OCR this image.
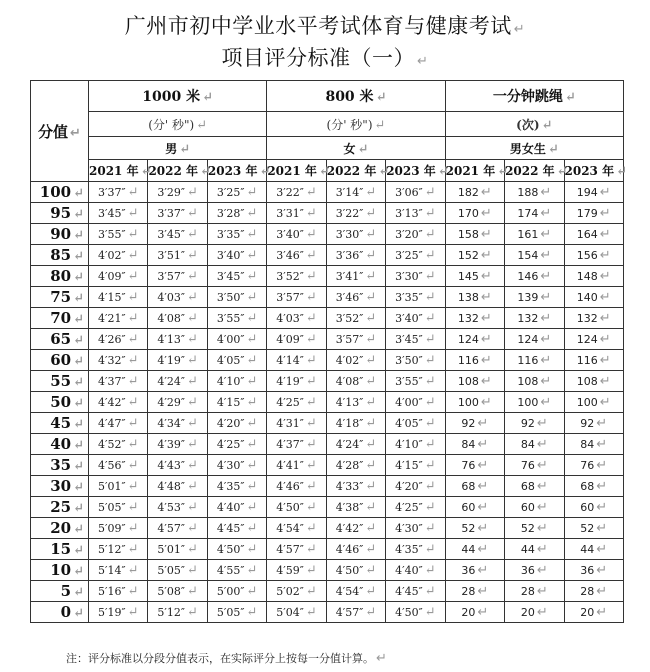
广州市初中学业水平考试体育与健康考试 ↵
项目评分标准（一） ↵
分值 ↵	1000 米 ↵			800 米 ↵			一分钟跳绳 ↵		
	(分' 秒") ↵			(分' 秒") ↵			(次) ↵		
	男 ↵			女 ↵			男女生 ↵		
	2021 年 ↵	2022 年 ↵	2023 年 ↵	2021 年 ↵	2022 年 ↵	2023 年 ↵	2021 年 ↵	2022 年 ↵	2023 年 ↵
100 ↵	3′37″ ↵	3′29″ ↵	3′25″ ↵	3′22″ ↵	3′14″ ↵	3′06″ ↵	182 ↵	188 ↵	194 ↵
95 ↵	3′45″ ↵	3′37″ ↵	3′28″ ↵	3′31″ ↵	3′22″ ↵	3′13″ ↵	170 ↵	174 ↵	179 ↵
90 ↵	3′55″ ↵	3′45″ ↵	3′35″ ↵	3′40″ ↵	3′30″ ↵	3′20″ ↵	158 ↵	161 ↵	164 ↵
85 ↵	4′02″ ↵	3′51″ ↵	3′40″ ↵	3′46″ ↵	3′36″ ↵	3′25″ ↵	152 ↵	154 ↵	156 ↵
80 ↵	4′09″ ↵	3′57″ ↵	3′45″ ↵	3′52″ ↵	3′41″ ↵	3′30″ ↵	145 ↵	146 ↵	148 ↵
75 ↵	4′15″ ↵	4′03″ ↵	3′50″ ↵	3′57″ ↵	3′46″ ↵	3′35″ ↵	138 ↵	139 ↵	140 ↵
70 ↵	4′21″ ↵	4′08″ ↵	3′55″ ↵	4′03″ ↵	3′52″ ↵	3′40″ ↵	132 ↵	132 ↵	132 ↵
65 ↵	4′26″ ↵	4′13″ ↵	4′00″ ↵	4′09″ ↵	3′57″ ↵	3′45″ ↵	124 ↵	124 ↵	124 ↵
60 ↵	4′32″ ↵	4′19″ ↵	4′05″ ↵	4′14″ ↵	4′02″ ↵	3′50″ ↵	116 ↵	116 ↵	116 ↵
55 ↵	4′37″ ↵	4′24″ ↵	4′10″ ↵	4′19″ ↵	4′08″ ↵	3′55″ ↵	108 ↵	108 ↵	108 ↵
50 ↵	4′42″ ↵	4′29″ ↵	4′15″ ↵	4′25″ ↵	4′13″ ↵	4′00″ ↵	100 ↵	100 ↵	100 ↵
45 ↵	4′47″ ↵	4′34″ ↵	4′20″ ↵	4′31″ ↵	4′18″ ↵	4′05″ ↵	92 ↵	92 ↵	92 ↵
40 ↵	4′52″ ↵	4′39″ ↵	4′25″ ↵	4′37″ ↵	4′24″ ↵	4′10″ ↵	84 ↵	84 ↵	84 ↵
35 ↵	4′56″ ↵	4′43″ ↵	4′30″ ↵	4′41″ ↵	4′28″ ↵	4′15″ ↵	76 ↵	76 ↵	76 ↵
30 ↵	5′01″ ↵	4′48″ ↵	4′35″ ↵	4′46″ ↵	4′33″ ↵	4′20″ ↵	68 ↵	68 ↵	68 ↵
25 ↵	5′05″ ↵	4′53″ ↵	4′40″ ↵	4′50″ ↵	4′38″ ↵	4′25″ ↵	60 ↵	60 ↵	60 ↵
20 ↵	5′09″ ↵	4′57″ ↵	4′45″ ↵	4′54″ ↵	4′42″ ↵	4′30″ ↵	52 ↵	52 ↵	52 ↵
15 ↵	5′12″ ↵	5′01″ ↵	4′50″ ↵	4′57″ ↵	4′46″ ↵	4′35″ ↵	44 ↵	44 ↵	44 ↵
10 ↵	5′14″ ↵	5′05″ ↵	4′55″ ↵	4′59″ ↵	4′50″ ↵	4′40″ ↵	36 ↵	36 ↵	36 ↵
5 ↵	5′16″ ↵	5′08″ ↵	5′00″ ↵	5′02″ ↵	4′54″ ↵	4′45″ ↵	28 ↵	28 ↵	28 ↵
0 ↵	5′19″ ↵	5′12″ ↵	5′05″ ↵	5′04″ ↵	4′57″ ↵	4′50″ ↵	20 ↵	20 ↵	20 ↵
注：评分标准以分段分值表示，在实际评分上按每一分值计算。 ↵
